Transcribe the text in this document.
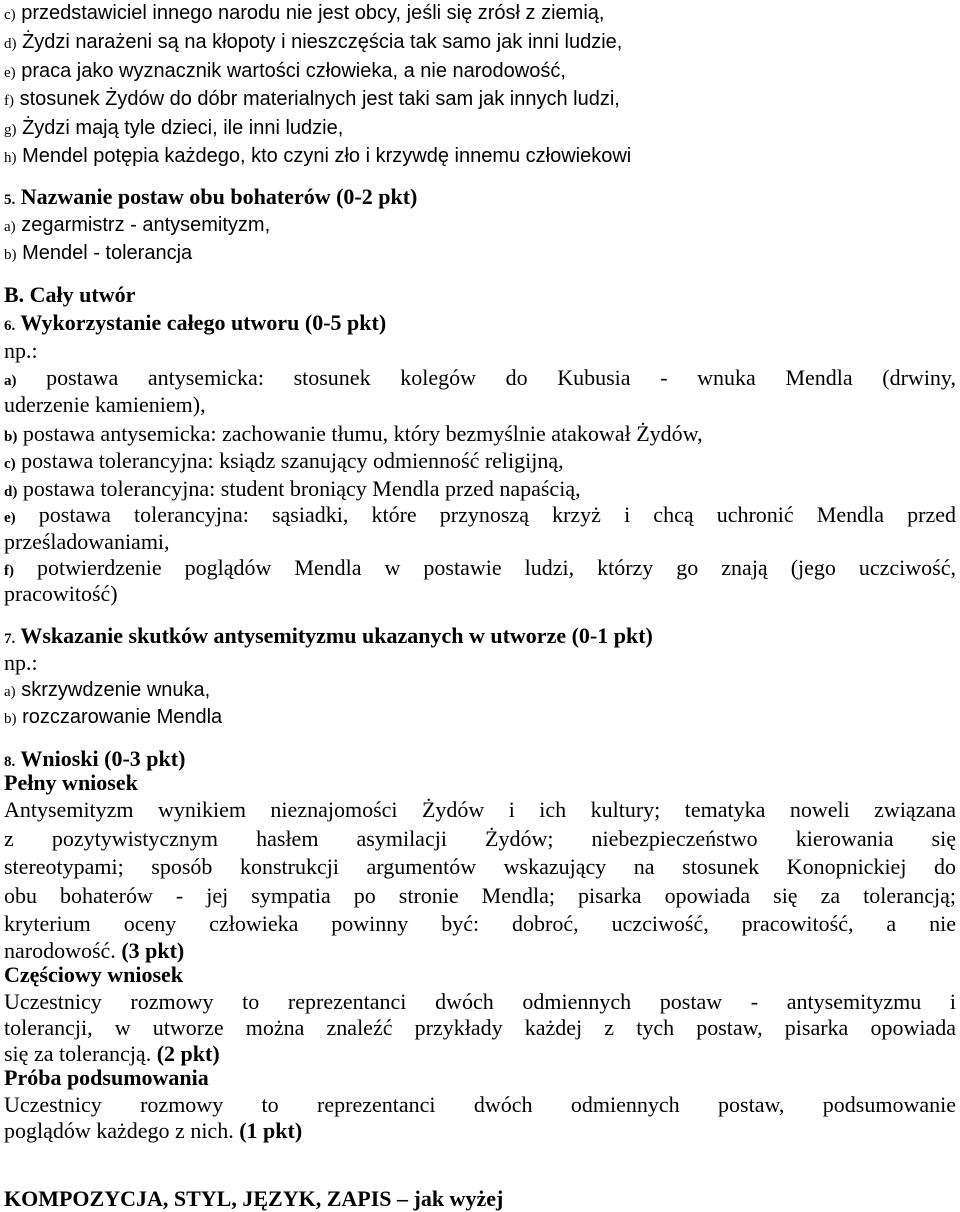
c) przedstawiciel innego narodu nie jest obcy, jeśli się zrósł z ziemią,
d) Żydzi narażeni są na kłopoty i nieszczęścia tak samo jak inni ludzie,
e) praca jako wyznacznik wartości człowieka, a nie narodowość,
f) stosunek Żydów do dóbr materialnych jest taki sam jak innych ludzi,
g) Żydzi mają tyle dzieci, ile inni ludzie,
h) Mendel potępia każdego, kto czyni zło i krzywdę innemu człowiekowi
5. Nazwanie postaw obu bohaterów (0-2 pkt)
a) zegarmistrz - antysemityzm,
b) Mendel - tolerancja
B. Cały utwór
6. Wykorzystanie całego utworu (0-5 pkt)
np.:
a) postawa antysemicka: stosunek kolegów do Kubusia - wnuka Mendla (drwiny,
uderzenie kamieniem),
b) postawa antysemicka: zachowanie tłumu, który bezmyślnie atakował Żydów,
c) postawa tolerancyjna: ksiądz szanujący odmienność religijną,
d) postawa tolerancyjna: student broniący Mendla przed napaścią,
e) postawa tolerancyjna: sąsiadki, które przynoszą krzyż i chcą uchronić Mendla przed
prześladowaniami,
f) potwierdzenie poglądów Mendla w postawie ludzi, którzy go znają (jego uczciwość,
pracowitość)
7. Wskazanie skutków antysemityzmu ukazanych w utworze (0-1 pkt)
np.:
a) skrzywdzenie wnuka,
b) rozczarowanie Mendla
8. Wnioski (0-3 pkt)
Pełny wniosek
Antysemityzm wynikiem nieznajomości Żydów i ich kultury; tematyka noweli związana
z pozytywistycznym hasłem asymilacji Żydów; niebezpieczeństwo kierowania się
stereotypami; sposób konstrukcji argumentów wskazujący na stosunek Konopnickiej do
obu bohaterów - jej sympatia po stronie Mendla; pisarka opowiada się za tolerancją;
kryterium oceny człowieka powinny być: dobroć, uczciwość, pracowitość, a nie
narodowość. (3 pkt)
Częściowy wniosek
Uczestnicy rozmowy to reprezentanci dwóch odmiennych postaw - antysemityzmu i
tolerancji, w utworze można znaleźć przykłady każdej z tych postaw, pisarka opowiada
się za tolerancją. (2 pkt)
Próba podsumowania
Uczestnicy rozmowy to reprezentanci dwóch odmiennych postaw, podsumowanie
poglądów każdego z nich. (1 pkt)
KOMPOZYCJA, STYL, JĘZYK, ZAPIS – jak wyżej
